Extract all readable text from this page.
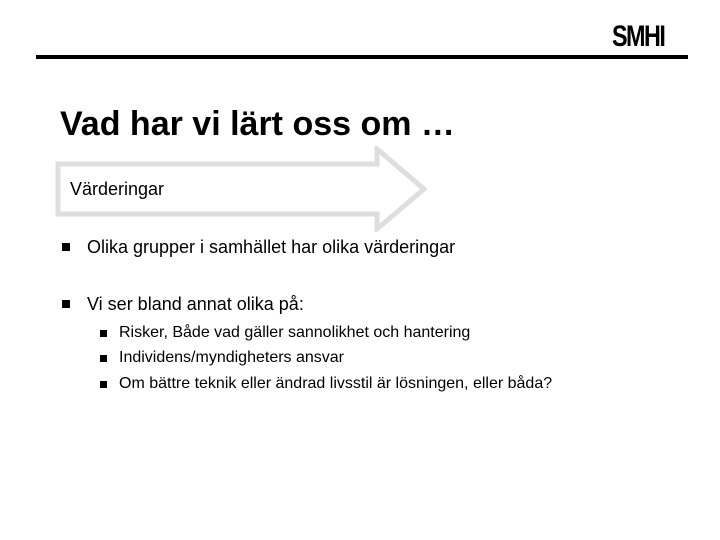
SMHI
Vad har vi lärt oss om …
Värderingar
Olika grupper i samhället har olika värderingar
Vi ser bland annat olika på:
Risker, Både vad gäller sannolikhet och hantering
Individens/myndigheters ansvar
Om bättre teknik eller ändrad livsstil är lösningen, eller båda?
